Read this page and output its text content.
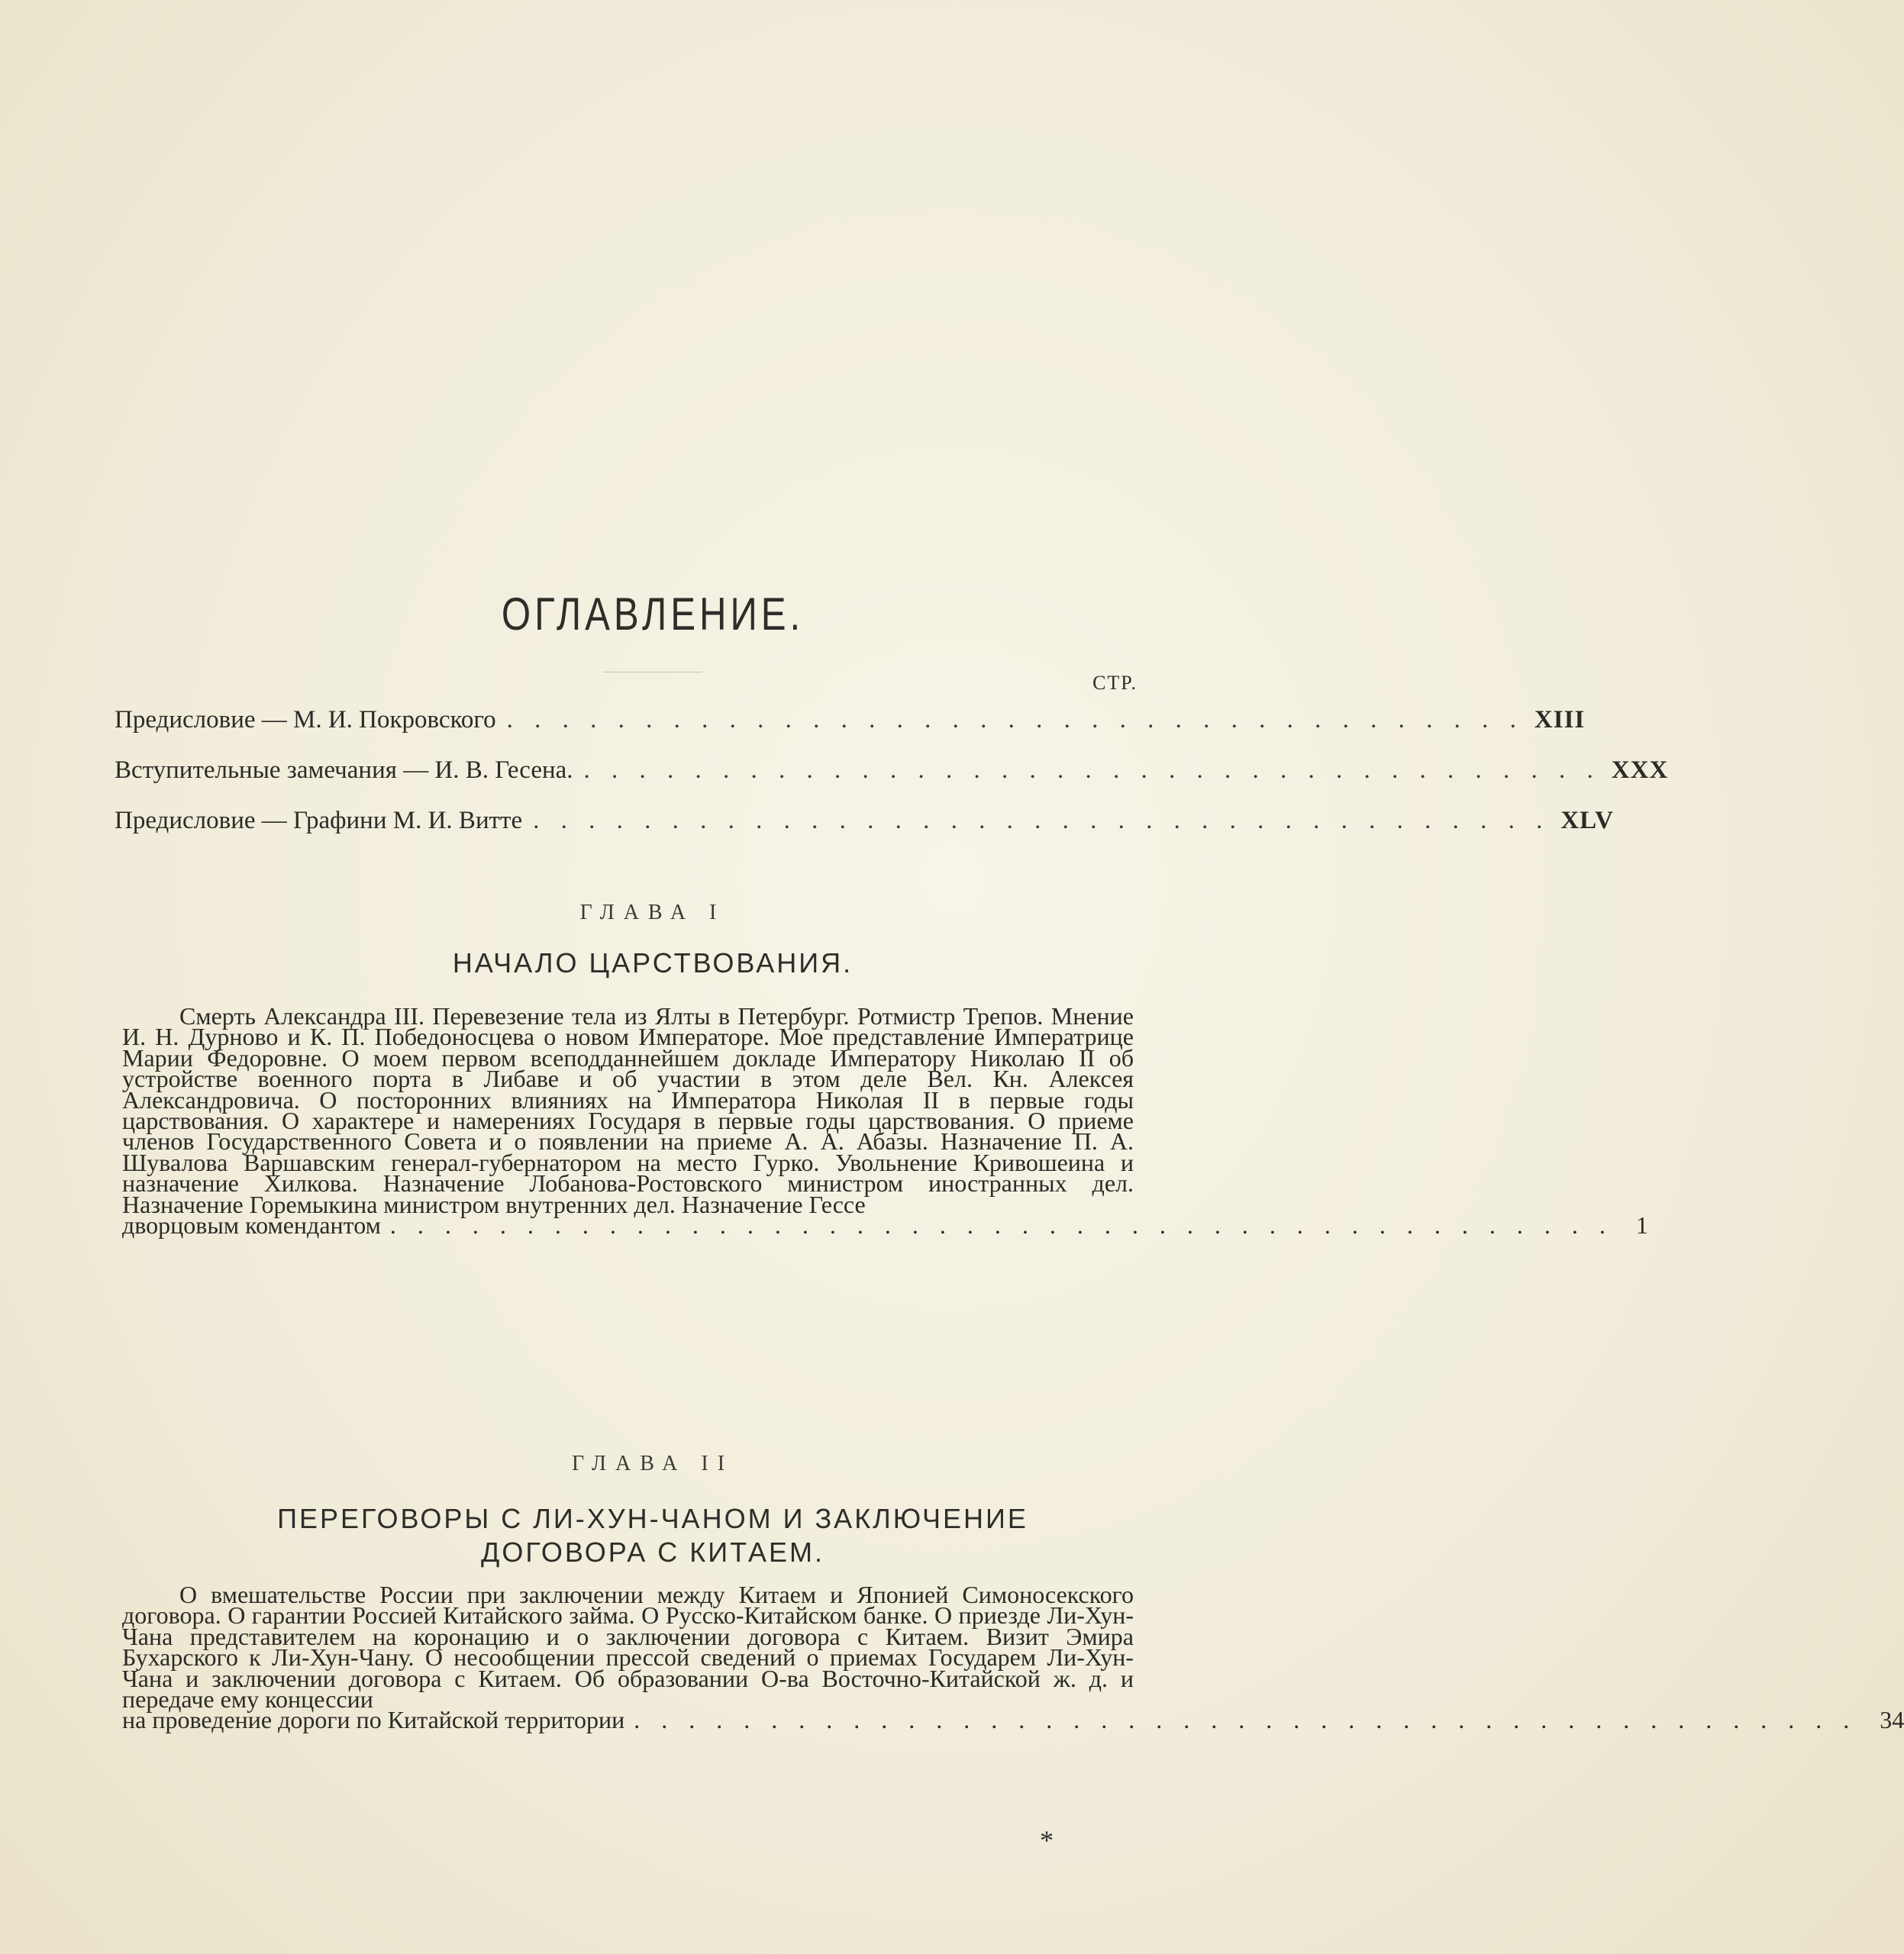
ОГЛАВЛЕНИЕ.
СТР.
Предисловие — М. И. Покровского . . . . . . . . . . . . . . . . . . . . . . . . . . . . . . . . . . . . . XIII
Вступительные замечания — И. В. Гесена. . . . . . . . . . . . . . . . . . . . . . . . . . . . . . . . . . . . . . XXX
Предисловие — Графини М. И. Витте . . . . . . . . . . . . . . . . . . . . . . . . . . . . . . . . . . . . . XLV
ГЛАВА I
НАЧАЛО ЦАРСТВОВАНИЯ.

Смерть Александра III. Перевезение тела из Ялты в Петербург. Ротмистр Трепов. Мнение И. Н. Дурново и К. П. Победоносцева о новом Императоре. Мое представление Императрице Марии Федоровне. О моем первом всеподданнейшем докладе Императору Николаю II об устройстве военного порта в Либаве и об участии в этом деле Вел. Кн. Алексея Александровича. О посторонних влияниях на Императора Николая II в первые годы царствования. О характере и намерениях Государя в первые годы царствования. О приеме членов Государственного Совета и о появлении на приеме А. А. Абазы. Назначение П. А. Шувалова Варшавским генерал-губернатором на место Гурко. Увольнение Кривошеина и назначение Хилкова. Назначение Лобанова-Ростовского министром иностранных дел. Назначение Горемыкина министром внутренних дел. Назначение Гессе

дворцовым комендантом . . . . . . . . . . . . . . . . . . . . . . . . . . . . . . . . . . . . . . . . . . . . . 1
ГЛАВА II
ПЕРЕГОВОРЫ С ЛИ-ХУН-ЧАНОМ И ЗАКЛЮЧЕНИЕ
ДОГОВОРА С КИТАЕМ.

О вмешательстве России при заключении между Китаем и Японией Симоносекского договора. О гарантии Россией Китайского займа. О Русско-Китайском банке. О приезде Ли-Хун-Чана представителем на коронацию и о заключении договора с Китаем. Визит Эмира Бухарского к Ли-Хун-Чану. О несообщении прессой сведений о приемах Государем Ли-Хун-Чана и заключении договора с Китаем. Об образовании О-ва Восточно-Китайской ж. д. и передаче ему концессии

на проведение дороги по Китайской территории . . . . . . . . . . . . . . . . . . . . . . . . . . . . . . . . . . . . . . . . . . . . . 34
*
